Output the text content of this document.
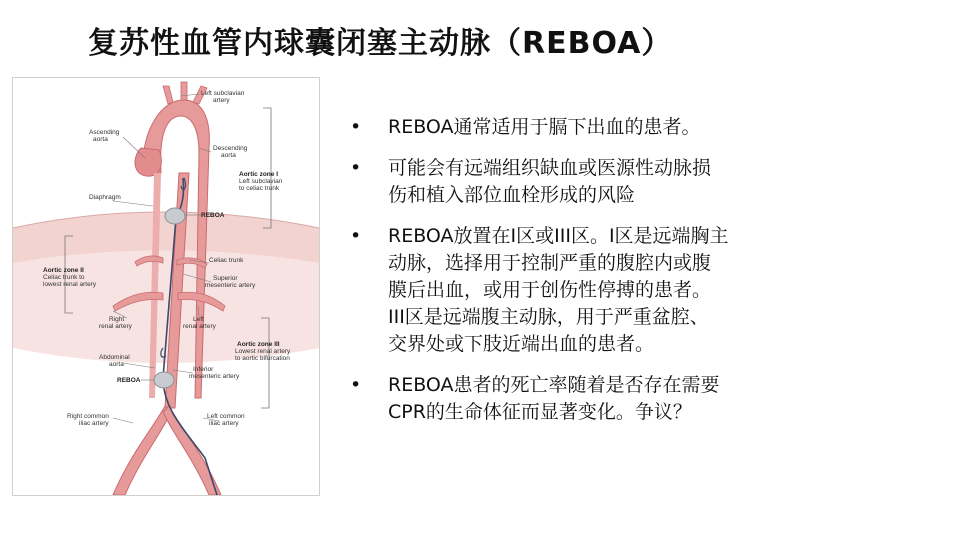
复苏性血管内球囊闭塞主动脉（REBOA）
Left subclavian artery
Ascending aorta
Descending aorta
Aortic zone I Left subclavian to celiac trunk
Diaphragm
REBOA
Celiac trunk
Aortic zone II Celiac trunk to lowest renal artery
Superior mesenteric artery
Right renal artery
Left renal artery
Aortic zone III Lowest renal artery to aortic bifurcation
Abdominal aorta
Inferior mesenteric artery
REBOA
Right common iliac artery
Left common iliac artery
• REBOA通常适用于膈下出血的患者。
• 可能会有远端组织缺血或医源性动脉损
伤和植入部位血栓形成的风险
• REBOA放置在I区或III区。I区是远端胸主
动脉，选择用于控制严重的腹腔内或腹
膜后出血，或用于创伤性停搏的患者。
III区是远端腹主动脉，用于严重盆腔、
交界处或下肢近端出血的患者。
• REBOA患者的死亡率随着是否存在需要
CPR的生命体征而显著变化。争议？
